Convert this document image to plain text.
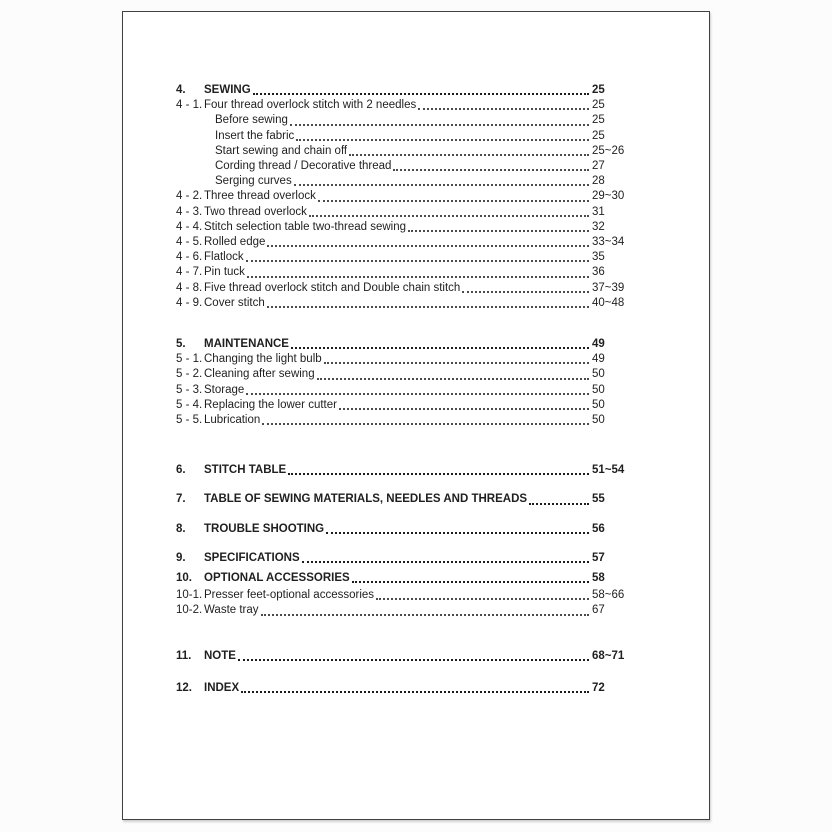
4.	SEWING	25
4 - 1. Four thread overlock stitch with 2 needles	25
Before sewing	25
Insert the fabric	25
Start sewing and chain off	25~26
Cording thread / Decorative thread	27
Serging curves	28
4 - 2. Three thread overlock	29~30
4 - 3. Two thread overlock	31
4 - 4. Stitch selection table two-thread sewing	32
4 - 5. Rolled edge	33~34
4 - 6. Flatlock	35
4 - 7. Pin tuck	36
4 - 8. Five thread overlock stitch and Double chain stitch	37~39
4 - 9. Cover stitch	40~48
5.	MAINTENANCE	49
5 - 1. Changing the light bulb	49
5 - 2. Cleaning after sewing	50
5 - 3. Storage	50
5 - 4. Replacing the lower cutter	50
5 - 5. Lubrication	50
6.	STITCH TABLE	51~54
7.	TABLE OF SEWING MATERIALS, NEEDLES AND THREADS	55
8.	TROUBLE SHOOTING	56
9.	SPECIFICATIONS	57
10.	OPTIONAL ACCESSORIES	58
10-1. Presser feet-optional accessories	58~66
10-2. Waste tray	67
11.	NOTE	68~71
12.	INDEX	72
